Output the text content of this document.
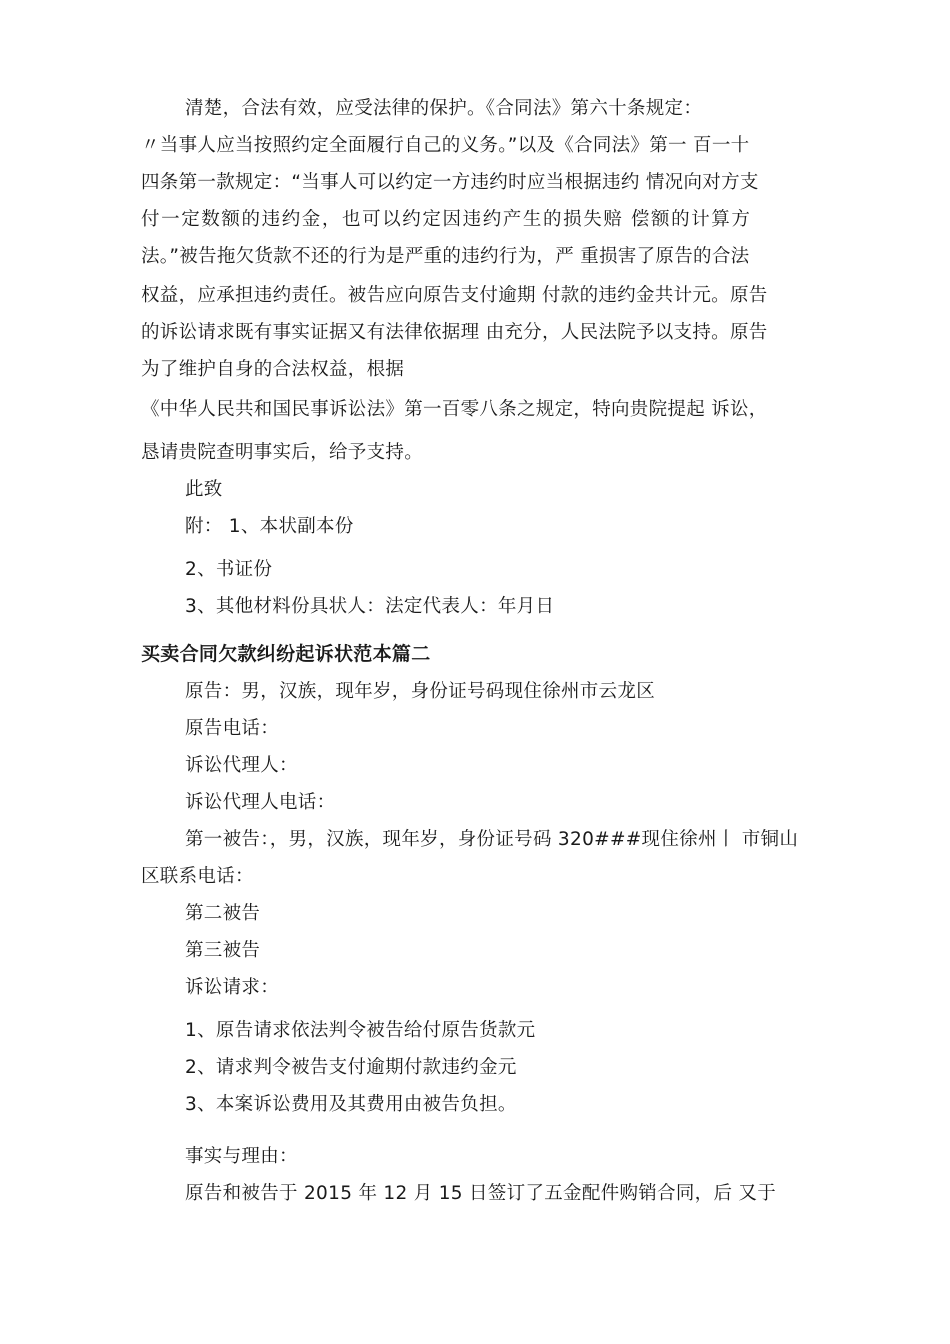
清楚，合法有效，应受法律的保护。《合同法》第六十条规定：
〃当事人应当按照约定全面履行自己的义务。”以及《合同法》第一 百一十
四条第一款规定：“当事人可以约定一方违约时应当根据违约 情况向对方支
付一定数额的违约金，也可以约定因违约产生的损失赔 偿额的计算方
法。”被告拖欠货款不还的行为是严重的违约行为，严 重损害了原告的合法
权益，应承担违约责任。被告应向原告支付逾期 付款的违约金共计元。原告
的诉讼请求既有事实证据又有法律依据理 由充分，人民法院予以支持。原告
为了维护自身的合法权益，根据
《中华人民共和国民事诉讼法》第一百零八条之规定，特向贵院提起 诉讼，
恳请贵院查明事实后，给予支持。
此致
附： 1、本状副本份
2、书证份
3、其他材料份具状人：法定代表人：年月日
买卖合同欠款纠纷起诉状范本篇二
原告：男，汉族，现年岁，身份证号码现住徐州市云龙区
原告电话：
诉讼代理人：
诉讼代理人电话：
第一被告：，男，汉族，现年岁，身份证号码 320###现住徐州丨 市铜山
区联系电话：
第二被告
第三被告
诉讼请求：
1、原告请求依法判令被告给付原告货款元
2、请求判令被告支付逾期付款违约金元
3、本案诉讼费用及其费用由被告负担。
事实与理由：
原告和被告于 2015 年 12 月 15 日签订了五金配件购销合同，后 又于
